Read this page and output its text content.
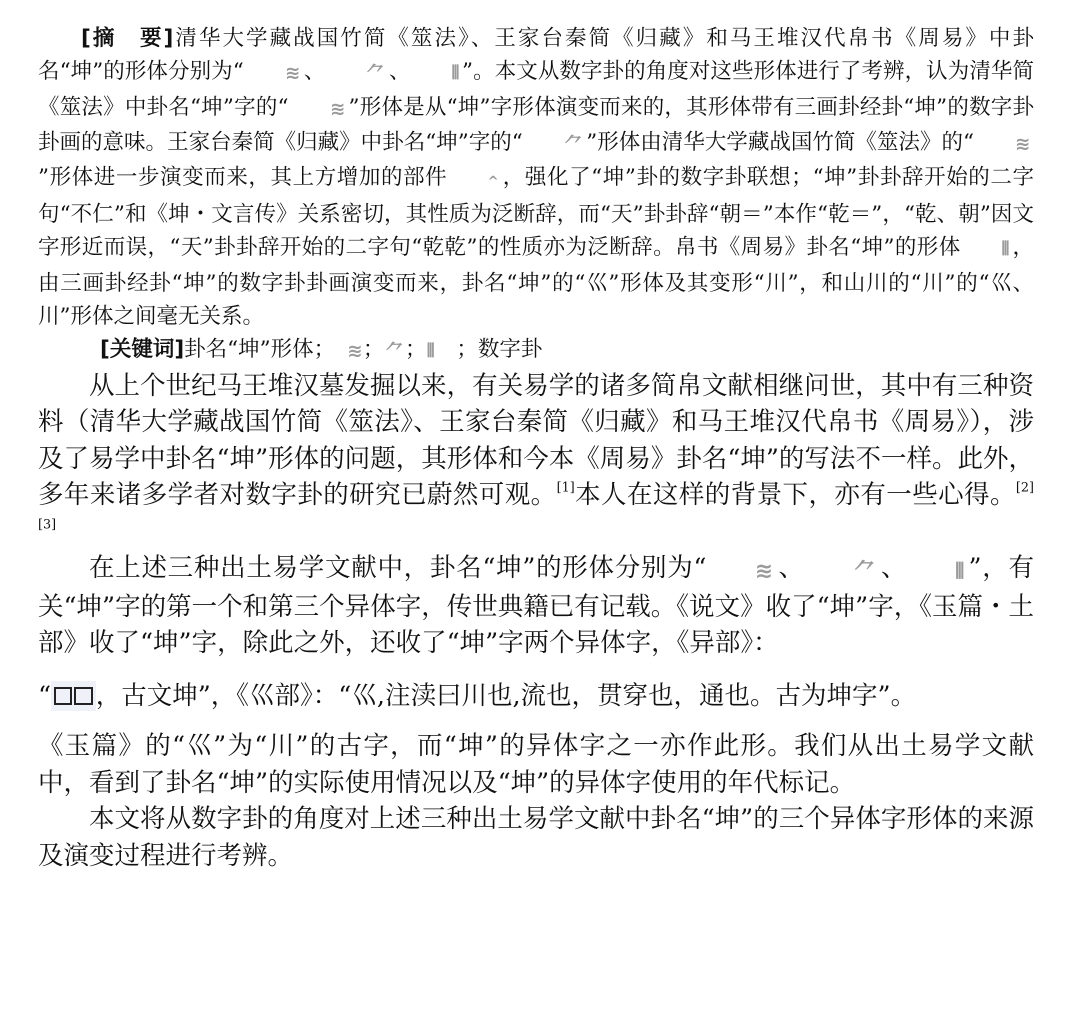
[摘　要]清华大学藏战国竹简《筮法》、王家台秦简《归藏》和马王堆汉代帛书《周易》中卦名“坤”的形体分别为“ ≋ 、 ⺈ 、 ⦀ ”。本文从数字卦的角度对这些形体进行了考辨，认为清华简《筮法》中卦名“坤”字的“ ≋ ”形体是从“坤”字形体演变而来的，其形体带有三画卦经卦“坤”的数字卦卦画的意味。王家台秦简《归藏》中卦名“坤”字的“ ⺈ ”形体由清华大学藏战国竹简《筮法》的“ ≋”形体进一步演变而来，其上方增加的部件	^ ，强化了“坤”卦的数字卦联想；“坤”卦卦辞开始的二字句“不仁”和《坤・文言传》关系密切，其性质为泛断辞，而“天”卦卦辞“朝＝”本作“乾＝”，“乾、朝”因文字形近而误，“天”卦卦辞开始的二字句“乾乾”的性质亦为泛断辞。帛书《周易》卦名“坤”的形体 ⦀ ，由三画卦经卦“坤”的数字卦卦画演变而来，卦名“坤”的“巛”形体及其变形“川”，和山川的“川”的“巛、川”形体之间毫无关系。

[关键词]卦名“坤”形体；　≋；⺈；⦀　；数字卦

从上个世纪马王堆汉墓发掘以来，有关易学的诸多简帛文献相继问世，其中有三种资料（清华大学藏战国竹简《筮法》、王家台秦简《归藏》和马王堆汉代帛书《周易》），涉及了易学中卦名“坤”形体的问题，其形体和今本《周易》卦名“坤”的写法不一样。此外，多年来诸多学者对数字卦的研究已蔚然可观。[1]本人在这样的背景下，亦有一些心得。[2][3]

在上述三种出土易学文献中，卦名“坤”的形体分别为“ ≋ 、 ⺈ 、 ⦀ ”，有关“坤”字的第一个和第三个异体字，传世典籍已有记载。《说文》收了“坤”字，《玉篇・土部》收了“坤”字，除此之外，还收了“坤”字两个异体字，《异部》：

“ ，古文坤”，《巛部》：“巛,注渎曰川也,流也，贯穿也，通也。古为坤字”。

《玉篇》的“巛”为“川”的古字，而“坤”的异体字之一亦作此形。我们从出土易学文献中，看到了卦名“坤”的实际使用情况以及“坤”的异体字使用的年代标记。

本文将从数字卦的角度对上述三种出土易学文献中卦名“坤”的三个异体字形体的来源及演变过程进行考辨。
